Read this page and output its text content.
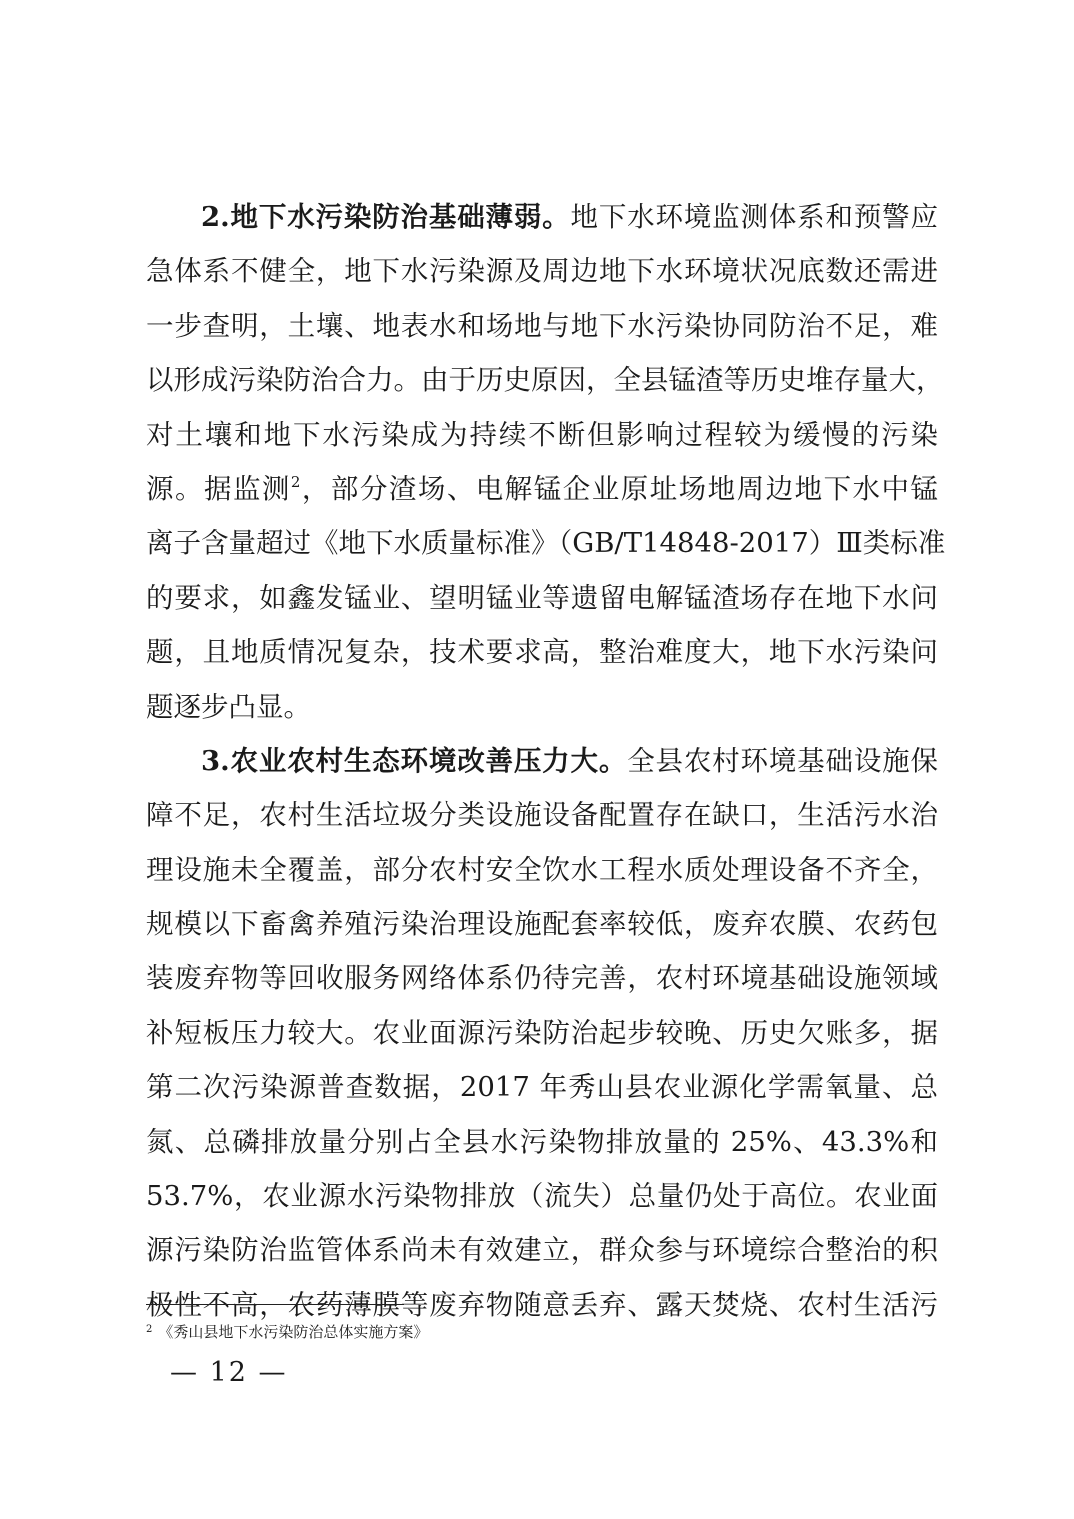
2.地下水污染防治基础薄弱。地下水环境监测体系和预警应
急体系不健全，地下水污染源及周边地下水环境状况底数还需进
一步查明，土壤、地表水和场地与地下水污染协同防治不足，难
以形成污染防治合力。由于历史原因，全县锰渣等历史堆存量大，
对土壤和地下水污染成为持续不断但影响过程较为缓慢的污染
源。据监测$^2$，部分渣场、电解锰企业原址场地周边地下水中锰
离子含量超过《地下水质量标准》（GB/T14848-2017）Ⅲ类标准
的要求，如鑫发锰业、望明锰业等遗留电解锰渣场存在地下水问
题，且地质情况复杂，技术要求高，整治难度大，地下水污染问
题逐步凸显。
3.农业农村生态环境改善压力大。全县农村环境基础设施保
障不足，农村生活垃圾分类设施设备配置存在缺口，生活污水治
理设施未全覆盖，部分农村安全饮水工程水质处理设备不齐全，
规模以下畜禽养殖污染治理设施配套率较低，废弃农膜、农药包
装废弃物等回收服务网络体系仍待完善，农村环境基础设施领域
补短板压力较大。农业面源污染防治起步较晚、历史欠账多，据
第二次污染源普查数据，2017 年秀山县农业源化学需氧量、总
氮、总磷排放量分别占全县水污染物排放量的 25%、43.3%和
53.7%，农业源水污染物排放（流失）总量仍处于高位。农业面
源污染防治监管体系尚未有效建立，群众参与环境综合整治的积
极性不高，农药薄膜等废弃物随意丢弃、露天焚烧、农村生活污
$^2$ 《秀山县地下水污染防治总体实施方案》
— 12 —
